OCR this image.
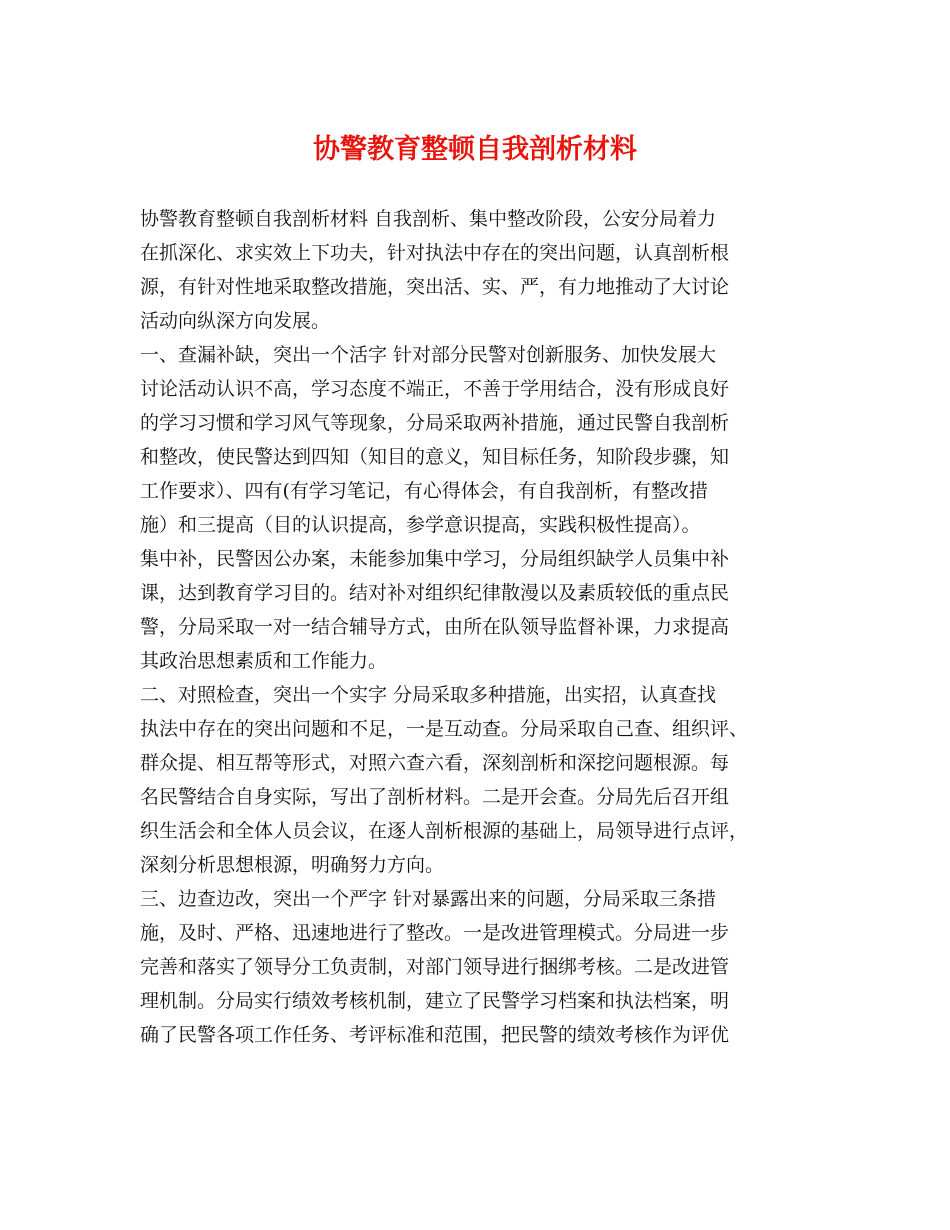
协警教育整顿自我剖析材料

协警教育整顿自我剖析材料 自我剖析、集中整改阶段，公安分局着力

在抓深化、求实效上下功夫，针对执法中存在的突出问题，认真剖析根

源，有针对性地采取整改措施，突出活、实、严，有力地推动了大讨论

活动向纵深方向发展。

一、查漏补缺，突出一个活字 针对部分民警对创新服务、加快发展大

讨论活动认识不高，学习态度不端正，不善于学用结合，没有形成良好

的学习习惯和学习风气等现象，分局采取两补措施，通过民警自我剖析

和整改，使民警达到四知（知目的意义，知目标任务，知阶段步骤，知

工作要求）、四有(有学习笔记，有心得体会，有自我剖析，有整改措

施）和三提高（目的认识提高，参学意识提高，实践积极性提高）。

集中补，民警因公办案，未能参加集中学习，分局组织缺学人员集中补

课，达到教育学习目的。结对补对组织纪律散漫以及素质较低的重点民

警，分局采取一对一结合辅导方式，由所在队领导监督补课，力求提高

其政治思想素质和工作能力。

二、对照检查，突出一个实字 分局采取多种措施，出实招，认真查找

执法中存在的突出问题和不足，一是互动查。分局采取自己查、组织评、

群众提、相互帮等形式，对照六查六看，深刻剖析和深挖问题根源。每

名民警结合自身实际，写出了剖析材料。二是开会查。分局先后召开组

织生活会和全体人员会议，在逐人剖析根源的基础上，局领导进行点评，

深刻分析思想根源，明确努力方向。

三、边查边改，突出一个严字 针对暴露出来的问题，分局采取三条措

施，及时、严格、迅速地进行了整改。一是改进管理模式。分局进一步

完善和落实了领导分工负责制，对部门领导进行捆绑考核。二是改进管

理机制。分局实行绩效考核机制，建立了民警学习档案和执法档案，明

确了民警各项工作任务、考评标准和范围，把民警的绩效考核作为评优
